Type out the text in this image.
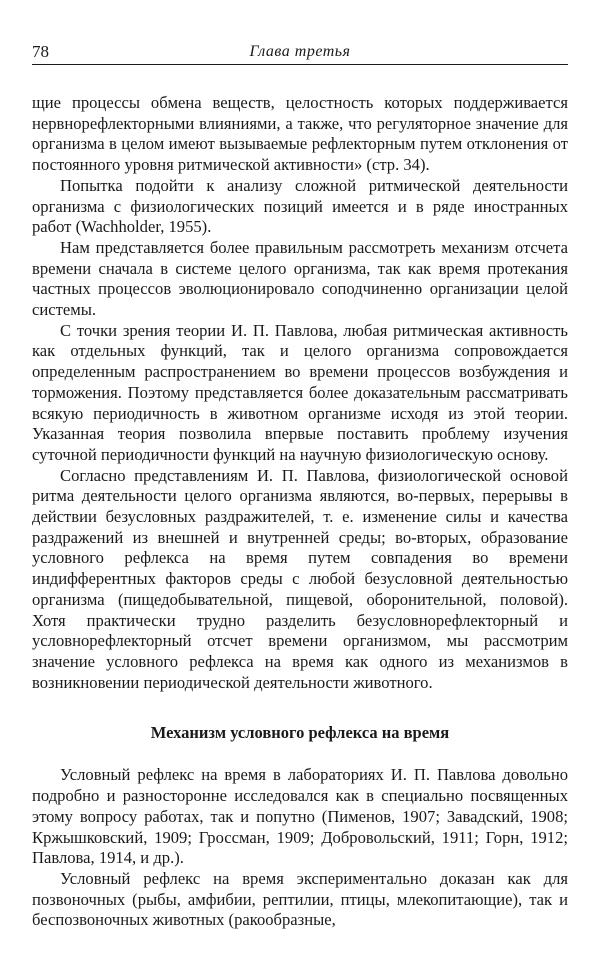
78	Глава третья

щие процессы обмена веществ, целостность которых поддерживается нервнорефлекторными влияниями, а также, что регуляторное значение для организма в целом имеют вызываемые рефлекторным путем отклонения от постоянного уровня ритмической активности» (стр. 34).

Попытка подойти к анализу сложной ритмической деятельности организма с физиологических позиций имеется и в ряде иностранных работ (Wachholder, 1955).

Нам представляется более правильным рассмотреть механизм отсчета времени сначала в системе целого организма, так как время протекания частных процессов эволюционировало соподчиненно организации целой системы.

С точки зрения теории И. П. Павлова, любая ритмическая активность как отдельных функций, так и целого организма сопровождается определенным распространением во времени процессов возбуждения и торможения. Поэтому представляется более доказательным рассматривать всякую периодичность в животном организме исходя из этой теории. Указанная теория позволила впервые поставить проблему изучения суточной периодичности функций на научную физиологическую основу.

Согласно представлениям И. П. Павлова, физиологической основой ритма деятельности целого организма являются, во-первых, перерывы в действии безусловных раздражителей, т. е. изменение силы и качества раздражений из внешней и внутренней среды; во-вторых, образование условного рефлекса на время путем совпадения во времени индифферентных факторов среды с любой безусловной деятельностью организма (пищедобывательной, пищевой, оборонительной, половой). Хотя практически трудно разделить безусловнорефлекторный и условнорефлекторный отсчет времени организмом, мы рассмотрим значение условного рефлекса на время как одного из механизмов в возникновении периодической деятельности животного.

Механизм условного рефлекса на время

Условный рефлекс на время в лабораториях И. П. Павлова довольно подробно и разносторонне исследовался как в специально посвященных этому вопросу работах, так и попутно (Пименов, 1907; Завадский, 1908; Кржышковский, 1909; Гроссман, 1909; Добровольский, 1911; Горн, 1912; Павлова, 1914, и др.).

Условный рефлекс на время экспериментально доказан как для позвоночных (рыбы, амфибии, рептилии, птицы, млекопитающие), так и беспозвоночных животных (ракообразные,
